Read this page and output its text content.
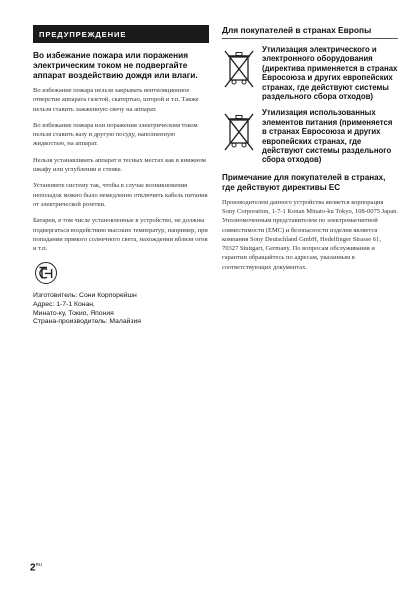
ПРЕДУПРЕЖДЕНИЕ

Во избежание пожара или поражения электрическим током не подвергайте аппарат воздействию дождя или влаги.

Во избежание пожара нельзя закрывать вентиляционное отверстие аппарата газетой, скатертью, шторой и т.п. Также нельзя ставить зажженную свечу на аппарат.

Во избежание пожара или поражения электрическим током нельзя ставить вазу и другую посуду, наполненную жидкостью, на аппарат.

Нельзя устанавливать аппарат в тесных местах как в книжном шкафу или углублении в стенке.

Установите систему так, чтобы в случае возникновения неполадок можно было немедленно отключить кабель питания от электрической розетки.

Батареи, в том числе установленные в устройство, не должны подвергаться воздействию высоких температур, например, при попадании прямого солнечного света, нахождении вблизи огня и т.п.

Изготовитель: Сони Корпорейшн
Адрес: 1-7-1 Конан,
Минато-ку, Токио, Япония
Страна-производитель: Малайзия
Для покупателей в странах Европы
Утилизация электрического и электронного оборудования (директива применяется в странах Евросоюза и других европейских странах, где действуют системы раздельного сбора отходов)
Утилизация использованных элементов питания (применяется в странах Евросоюза и других европейских странах, где действуют системы раздельного сбора отходов)
Примечание для покупателей в странах, где действуют директивы ЕС

Производителем данного устройства является корпорация Sony Corporation, 1-7-1 Konan Minato-ku Tokyo, 108-0075 Japan. Уполномоченным представителем по электромагнитной совместимости (EMC) и безопасности изделия является компания Sony Deutschland GmbH, Hedelfinger Strasse 61, 70327 Stuttgart, Germany. По вопросам обслуживания и гарантии обращайтесь по адресам, указанным в соответствующих документах.

$2^{RU}$
